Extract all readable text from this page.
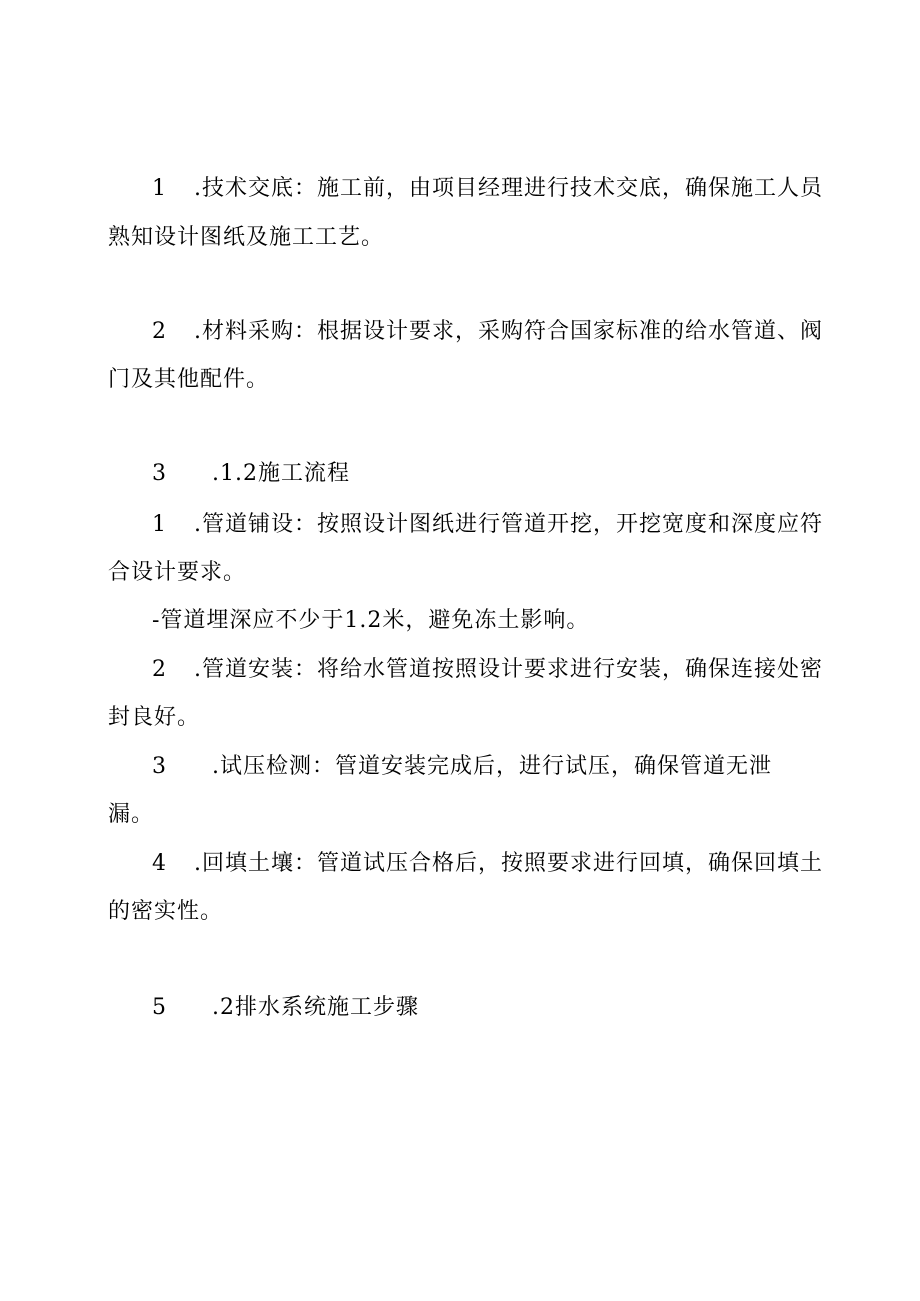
1 .技术交底：施工前，由项目经理进行技术交底，确保施工人员
熟知设计图纸及施工工艺。
2 .材料采购：根据设计要求，采购符合国家标准的给水管道、阀
门及其他配件。
3 .1.2施工流程
1 .管道铺设：按照设计图纸进行管道开挖，开挖宽度和深度应符
合设计要求。
-管道埋深应不少于1.2米，避免冻土影响。
2 .管道安装：将给水管道按照设计要求进行安装，确保连接处密
封良好。
3 .试压检测：管道安装完成后，进行试压，确保管道无泄
漏。
4 .回填土壤：管道试压合格后，按照要求进行回填，确保回填土
的密实性。
5 .2排水系统施工步骤
